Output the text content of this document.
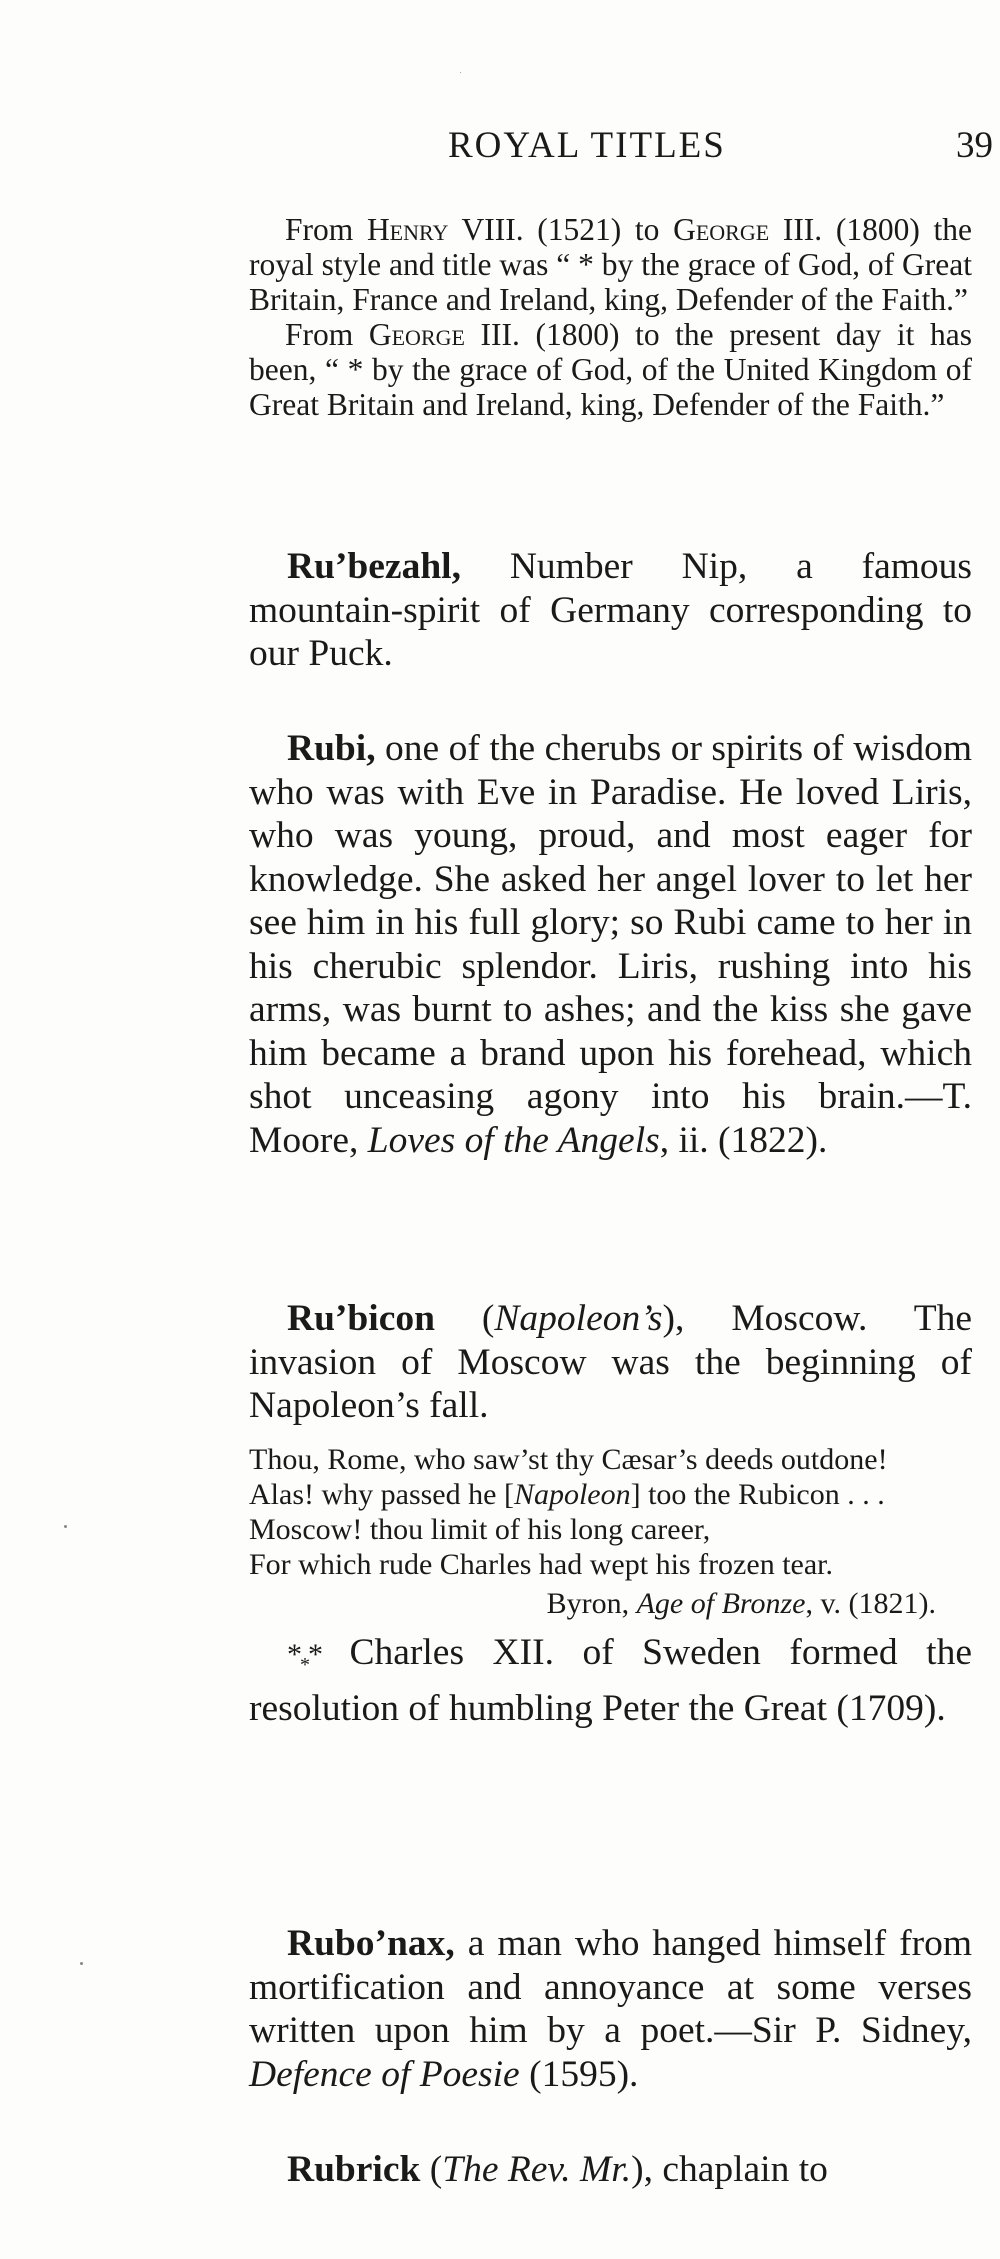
ROYAL TITLES	39

From Henry VIII. (1521) to George III. (1800) the royal style and title was “ * by the grace of God, of Great Britain, France and Ireland, king, Defender of the Faith.”

From George III. (1800) to the present day it has been, “ * by the grace of God, of the United Kingdom of Great Britain and Ireland, king, Defender of the Faith.”

Ru’bezahl, Number Nip, a famous mountain-spirit of Germany corresponding to our Puck.

Rubi, one of the cherubs or spirits of wisdom who was with Eve in Paradise. He loved Liris, who was young, proud, and most eager for knowledge. She asked her angel lover to let her see him in his full glory; so Rubi came to her in his cherubic splendor. Liris, rushing into his arms, was burnt to ashes; and the kiss she gave him became a brand upon his forehead, which shot unceasing agony into his brain.—T. Moore, Loves of the Angels, ii. (1822).

Ru’bicon (Napoleon’s), Moscow. The invasion of Moscow was the beginning of Napoleon’s fall.

Thou, Rome, who saw’st thy Cæsar’s deeds outdone!
Alas! why passed he [Napoleon] too the Rubicon . . .
Moscow! thou limit of his long career,
For which rude Charles had wept his frozen tear.
Byron, Age of Bronze, v. (1821).

$*_**$ Charles XII. of Sweden formed the resolution of humbling Peter the Great (1709).

Rubo’nax, a man who hanged himself from mortification and annoyance at some verses written upon him by a poet.—Sir P. Sidney, Defence of Poesie (1595).

Rubrick (The Rev. Mr.), chaplain to
